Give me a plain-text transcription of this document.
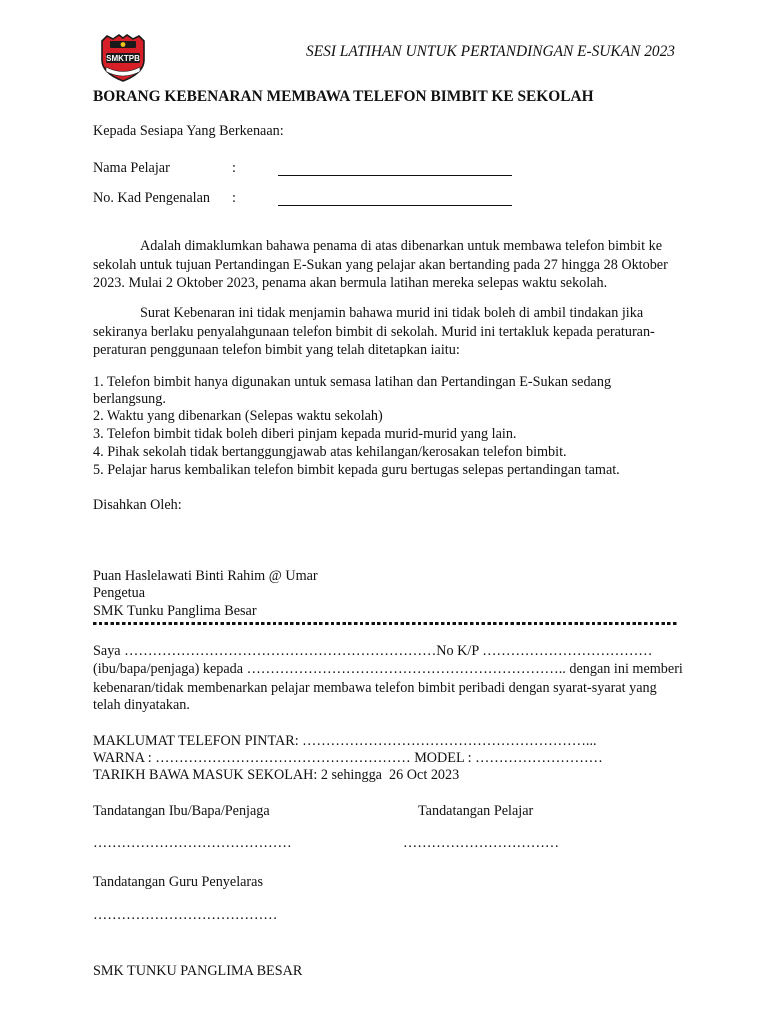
SMKTPB	SESI LATIHAN UNTUK PERTANDINGAN E-SUKAN 2023
BORANG KEBENARAN MEMBAWA TELEFON BIMBIT KE SEKOLAH
Kepada Sesiapa Yang Berkenaan:
Nama Pelajar	:
No. Kad Pengenalan :
Adalah dimaklumkan bahawa penama di atas dibenarkan untuk membawa telefon bimbit ke
sekolah untuk tujuan Pertandingan E-Sukan yang pelajar akan bertanding pada 27 hingga 28 Oktober
2023. Mulai 2 Oktober 2023, penama akan bermula latihan mereka selepas waktu sekolah.
Surat Kebenaran ini tidak menjamin bahawa murid ini tidak boleh di ambil tindakan jika
sekiranya berlaku penyalahgunaan telefon bimbit di sekolah. Murid ini tertakluk kepada peraturan-
peraturan penggunaan telefon bimbit yang telah ditetapkan iaitu:
1. Telefon bimbit hanya digunakan untuk semasa latihan dan Pertandingan E-Sukan sedang
berlangsung.
2. Waktu yang dibenarkan (Selepas waktu sekolah)
3. Telefon bimbit tidak boleh diberi pinjam kepada murid-murid yang lain.
4. Pihak sekolah tidak bertanggungjawab atas kehilangan/kerosakan telefon bimbit.
5. Pelajar harus kembalikan telefon bimbit kepada guru bertugas selepas pertandingan tamat.
Disahkan Oleh:
Puan Haslelawati Binti Rahim @ Umar
Pengetua
SMK Tunku Panglima Besar
Saya …………………………………………………………No K/P ………………………………
(ibu/bapa/penjaga) kepada ………………………………………………………….. dengan ini memberi
kebenaran/tidak membenarkan pelajar membawa telefon bimbit peribadi dengan syarat-syarat yang
telah dinyatakan.
MAKLUMAT TELEFON PINTAR: ……………………………………………………...
WARNA : ……………………………………………… MODEL : ………………………
TARIKH BAWA MASUK SEKOLAH: 2 sehingga  26 Oct 2023
Tandatangan Ibu/Bapa/Penjaga	Tandatangan Pelajar
……………………………………	……………………………
Tandatangan Guru Penyelaras
…………………………………
SMK TUNKU PANGLIMA BESAR
